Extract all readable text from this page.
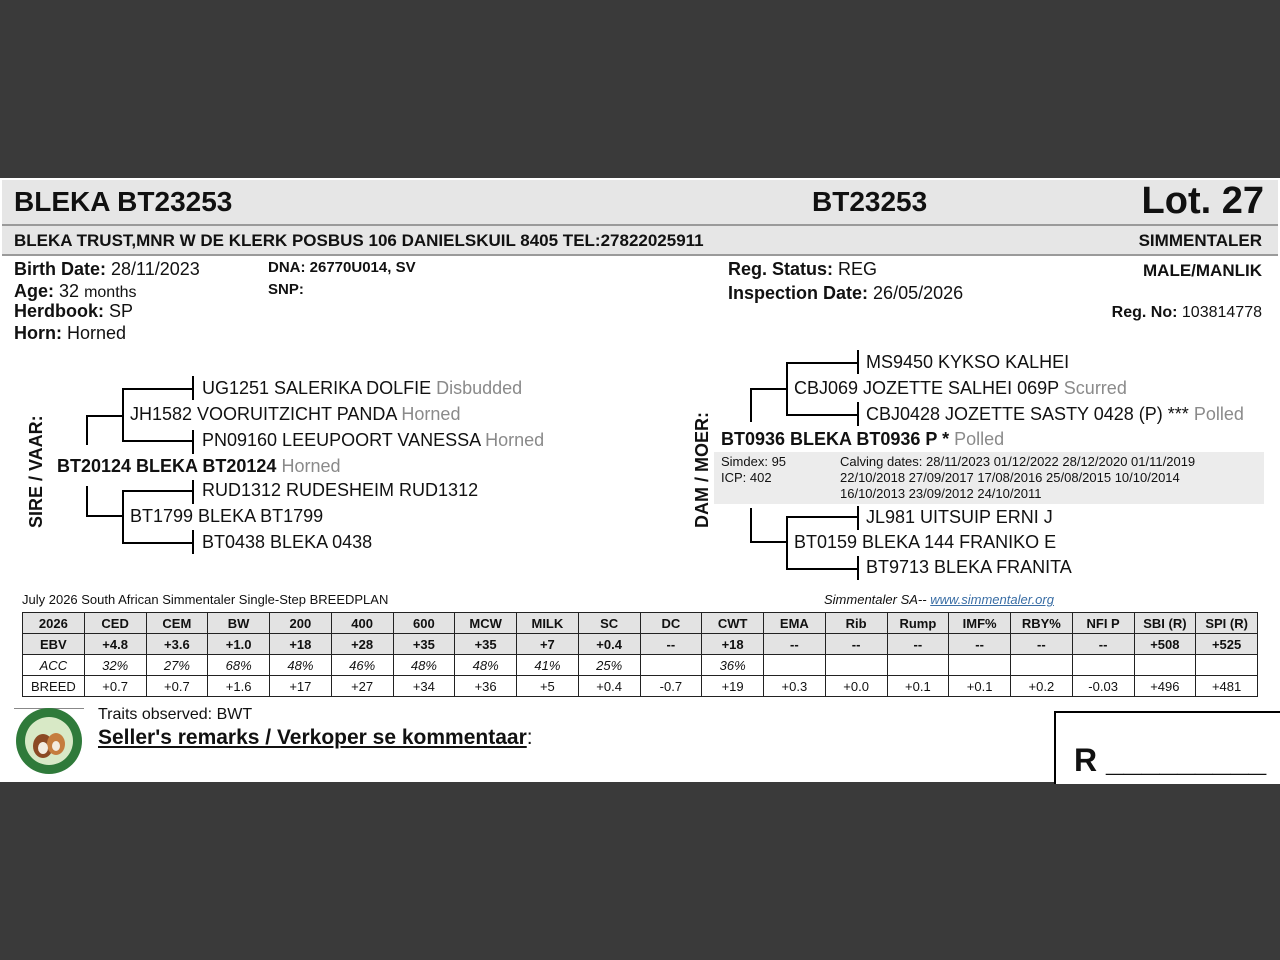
BLEKA BT23253	BT23253	Lot. 27
BLEKA TRUST,MNR W DE KLERK POSBUS 106 DANIELSKUIL 8405 TEL:27822025911	SIMMENTALER
Birth Date: 28/11/2023
Age: 32 months
Herdbook: SP
Horn: Horned
DNA: 26770U014, SV
SNP:
Reg. Status: REG
Inspection Date: 26/05/2026
MALE/MANLIK
Reg. No: 103814778
SIRE / VAAR:
UG1251 SALERIKA DOLFIE Disbudded
JH1582 VOORUITZICHT PANDA Horned
PN09160 LEEUPOORT VANESSA Horned
BT20124 BLEKA BT20124 Horned
RUD1312 RUDESHEIM RUD1312
BT1799 BLEKA BT1799
BT0438 BLEKA 0438
DAM / MOER:
MS9450 KYKSO KALHEI
CBJ069 JOZETTE SALHEI 069P Scurred
CBJ0428 JOZETTE SASTY 0428 (P) *** Polled
BT0936 BLEKA BT0936 P * Polled
Simdex: 95
ICP: 402
Calving dates: 28/11/2023 01/12/2022 28/12/2020 01/11/2019
22/10/2018 27/09/2017 17/08/2016 25/08/2015 10/10/2014
16/10/2013 23/09/2012 24/10/2011
JL981 UITSUIP ERNI J
BT0159 BLEKA 144 FRANIKO E
BT9713 BLEKA FRANITA
July 2026 South African Simmentaler Single-Step BREEDPLAN	Simmentaler SA-- www.simmentaler.org
2026	CED	CEM	BW	200	400	600	MCW	MILK	SC	DC	CWT	EMA	Rib	Rump	IMF%	RBY%	NFI P	SBI (R)	SPI (R)
EBV	+4.8	+3.6	+1.0	+18	+28	+35	+35	+7	+0.4	--	+18	--	--	--	--	--	--	+508	+525
ACC	32%	27%	68%	48%	46%	48%	48%	41%	25%		36%								
BREED	+0.7	+0.7	+1.6	+17	+27	+34	+36	+5	+0.4	-0.7	+19	+0.3	+0.0	+0.1	+0.1	+0.2	-0.03	+496	+481
Traits observed: BWT
Seller's remarks / Verkoper se kommentaar:
R _________
